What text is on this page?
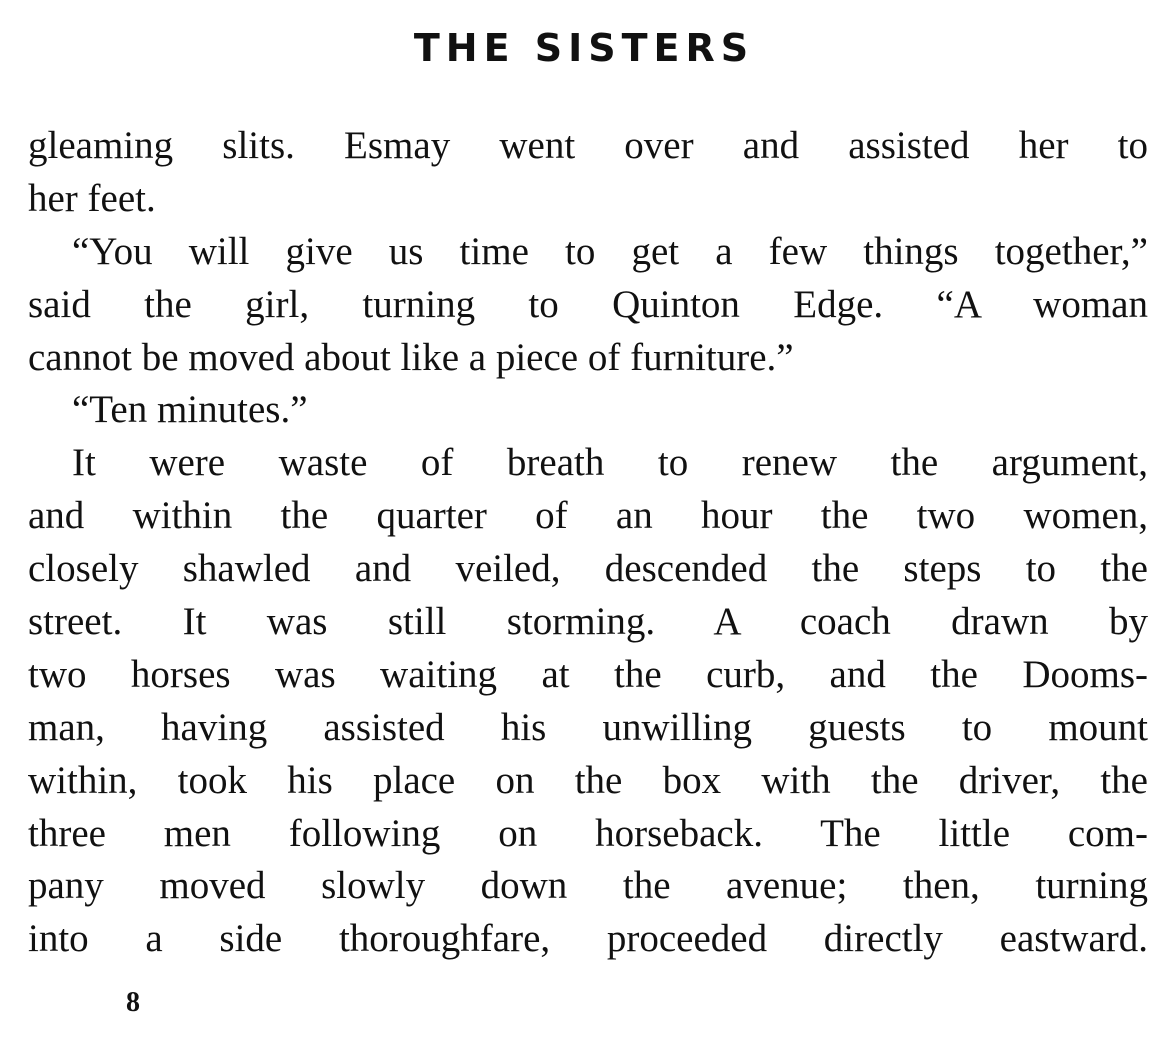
THE SISTERS
gleaming slits. Esmay went over and assisted her to
her feet.
“You will give us time to get a few things together,”
said the girl, turning to Quinton Edge. “A woman
cannot be moved about like a piece of furniture.”
“Ten minutes.”
It were waste of breath to renew the argument,
and within the quarter of an hour the two women,
closely shawled and veiled, descended the steps to the
street. It was still storming. A coach drawn by
two horses was waiting at the curb, and the Dooms-
man, having assisted his unwilling guests to mount
within, took his place on the box with the driver, the
three men following on horseback. The little com-
pany moved slowly down the avenue; then, turning
into a side thoroughfare, proceeded directly eastward.
8
